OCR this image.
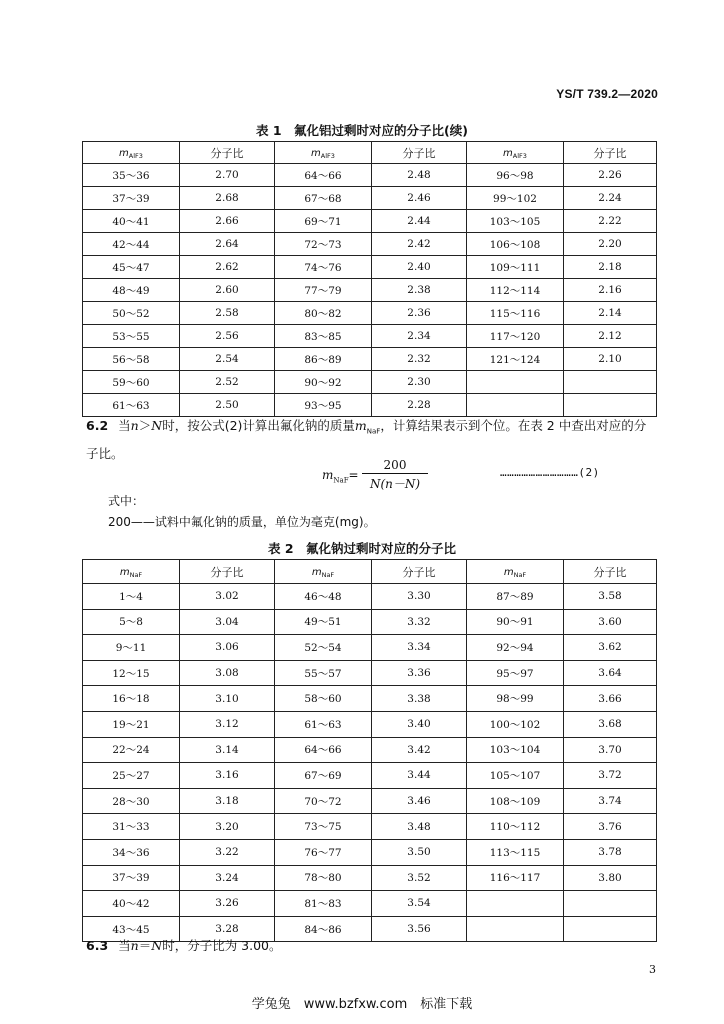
YS/T 739.2—2020
表 1　氟化铝过剩时对应的分子比(续)
$m_{AlF3}$	分子比	$m_{AlF3}$	分子比	$m_{AlF3}$	分子比
35～36	2.70	64～66	2.48	96～98	2.26
37～39	2.68	67～68	2.46	99～102	2.24
40～41	2.66	69～71	2.44	103～105	2.22
42～44	2.64	72～73	2.42	106～108	2.20
45～47	2.62	74～76	2.40	109～111	2.18
48～49	2.60	77～79	2.38	112～114	2.16
50～52	2.58	80～82	2.36	115～116	2.14
53～55	2.56	83～85	2.34	117～120	2.12
56～58	2.54	86～89	2.32	121～124	2.10
59～60	2.52	90～92	2.30		
61～63	2.50	93～95	2.28		
6.2 当n＞N时，按公式(2)计算出氟化钠的质量$m_{NaF}$，计算结果表示到个位。在表 2 中查出对应的分子比。
$m_{NaF}= \frac{200}{N(n-N)}$	……………………………(2)
式中：
200——试料中氟化钠的质量，单位为毫克(mg)。
表 2　氟化钠过剩时对应的分子比
$m_{NaF}$	分子比	$m_{NaF}$	分子比	$m_{NaF}$	分子比
1～4	3.02	46～48	3.30	87～89	3.58
5～8	3.04	49～51	3.32	90～91	3.60
9～11	3.06	52～54	3.34	92～94	3.62
12～15	3.08	55～57	3.36	95～97	3.64
16～18	3.10	58～60	3.38	98～99	3.66
19～21	3.12	61～63	3.40	100～102	3.68
22～24	3.14	64～66	3.42	103～104	3.70
25～27	3.16	67～69	3.44	105～107	3.72
28～30	3.18	70～72	3.46	108～109	3.74
31～33	3.20	73～75	3.48	110～112	3.76
34～36	3.22	76～77	3.50	113～115	3.78
37～39	3.24	78～80	3.52	116～117	3.80
40～42	3.26	81～83	3.54		
43～45	3.28	84～86	3.56		
6.3 当n＝N时，分子比为 3.00。
3
学兔兔　www.bzfxw.com　标准下载
